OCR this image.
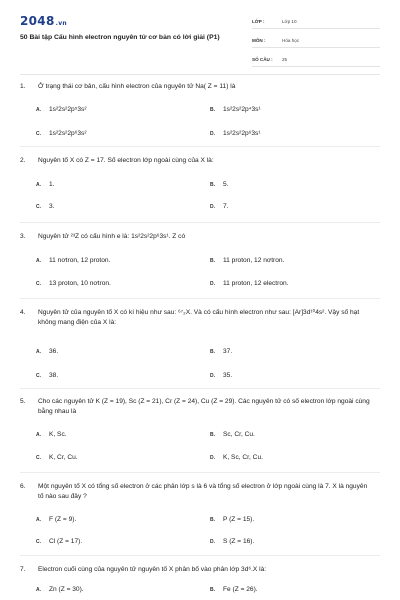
2048.vn
50 Bài tập Cấu hình electron nguyên tử cơ bản có lời giải (P1)
LỚP :	Lớp 10
MÔN :	Hóa học
SỐ CÂU :	25
1.	Ở trạng thái cơ bản, cấu hình electron của nguyên tử Na( Z = 11) là
A. 1s²2s²2p⁵3s²	B. 1s²2s²2p⁴3s¹
C. 1s²2s²2p⁶3s²	D. 1s²2s²2p⁶3s¹
2.	Nguyên tố X có Z = 17. Số electron lớp ngoài cùng của X là:
A. 1.	B. 5.
C. 3.	D. 7.
3.	Nguyên tử ²³Z có cấu hình e là: 1s²2s²2p⁶3s¹. Z có
A. 11 nơtron, 12 proton.	B. 11 proton, 12 nơtron.
C. 13 proton, 10 nơtron.	D. 11 proton, 12 electron.
4.	Nguyên tử của nguyên tố X có kí hiệu như sau: ⁶⁷₂X. Và có cấu hình electron như sau: [Ar]3d¹⁰4s². Vậy số hạt không mang điện của X là:
A. 36.	B. 37.
C. 38.	D. 35.
5.	Cho các nguyên tử K (Z = 19), Sc (Z = 21), Cr (Z = 24), Cu (Z = 29). Các nguyên tử có số electron lớp ngoài cùng bằng nhau là
A. K, Sc.	B. Sc, Cr, Cu.
C. K, Cr, Cu.	D. K, Sc, Cr, Cu.
6.	Một nguyên tố X có tổng số electron ở các phân lớp s là 6 và tổng số electron ở lớp ngoài cùng là 7. X là nguyên tố nào sau đây ?
A. F (Z = 9).	B. P (Z = 15).
C. Cl (Z = 17).	D. S (Z = 16).
7.	Electron cuối cùng của nguyên tử nguyên tố X phân bố vào phân lớp 3d⁶.X là:
A. Zn (Z = 30).	B. Fe (Z = 26).
